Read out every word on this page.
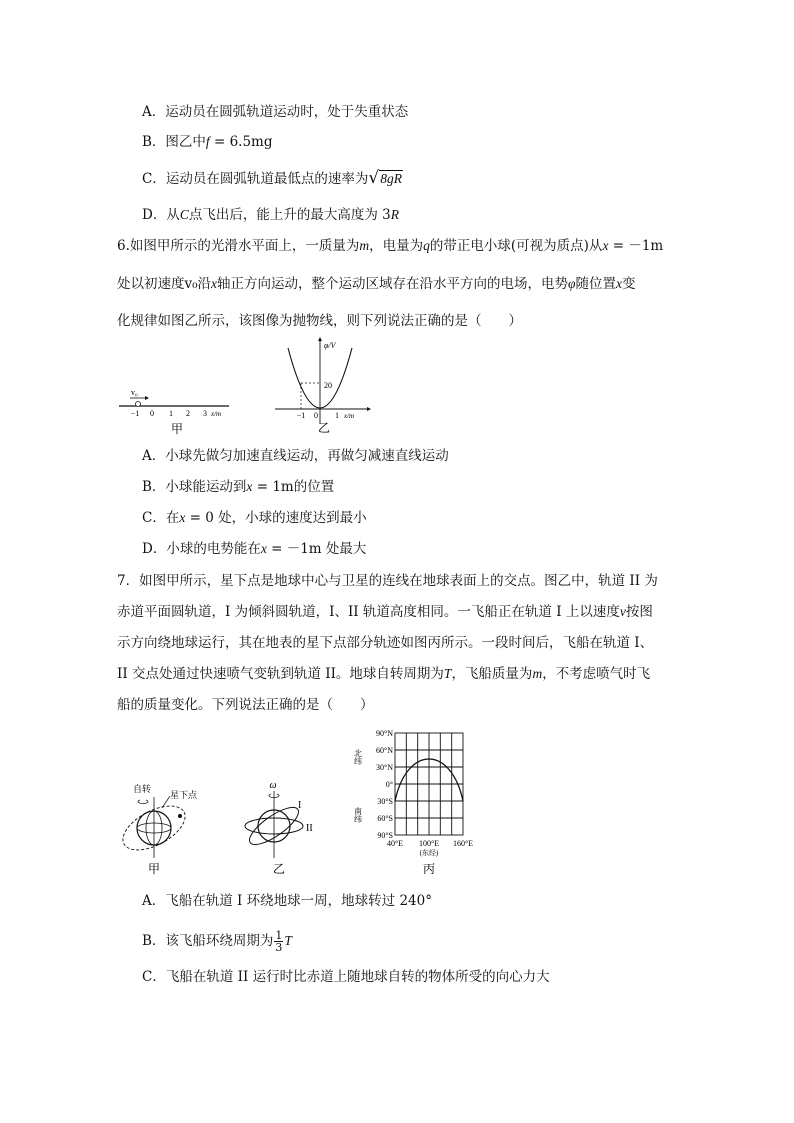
A．运动员在圆弧轨道运动时，处于失重状态
B．图乙中f = 6.5mg
C．运动员在圆弧轨道最低点的速率为√8gR
D．从C点飞出后，能上升的最大高度为 3R
6.如图甲所示的光滑水平面上，一质量为m，电量为q的带正电小球(可视为质点)从x = －1m
处以初速度v₀沿x轴正方向运动，整个运动区域存在沿水平方向的电场，电势φ随位置x变
化规律如图乙所示，该图像为抛物线，则下列说法正确的是（　　）
v₀
−1 0 1 2 3 x/m
甲
φ/V
20
−1 0 1 x/m
乙
A．小球先做匀加速直线运动，再做匀减速直线运动
B．小球能运动到x = 1m的位置
C．在x = 0 处，小球的速度达到最小
D．小球的电势能在x = －1m 处最大
7．如图甲所示，星下点是地球中心与卫星的连线在地球表面上的交点。图乙中，轨道 II 为
赤道平面圆轨道，I 为倾斜圆轨道，I、II 轨道高度相同。一飞船正在轨道 I 上以速度v按图
示方向绕地球运行，其在地表的星下点部分轨迹如图丙所示。一段时间后，飞船在轨道 I、
II 交点处通过快速喷气变轨到轨道 II。地球自转周期为T，飞船质量为m，不考虑喷气时飞
船的质量变化。下列说法正确的是（　　）
自转
星下点
甲
ω
I
II
乙
90°N
60°N
30°N
0°
30°S
60°S
90°S
北纬
南纬
40°E 100°E 160°E
(东经)
丙
A．飞船在轨道 I 环绕地球一周，地球转过 240°
B．该飞船环绕周期为 $\frac{1}{3}$ T
C．飞船在轨道 II 运行时比赤道上随地球自转的物体所受的向心力大
